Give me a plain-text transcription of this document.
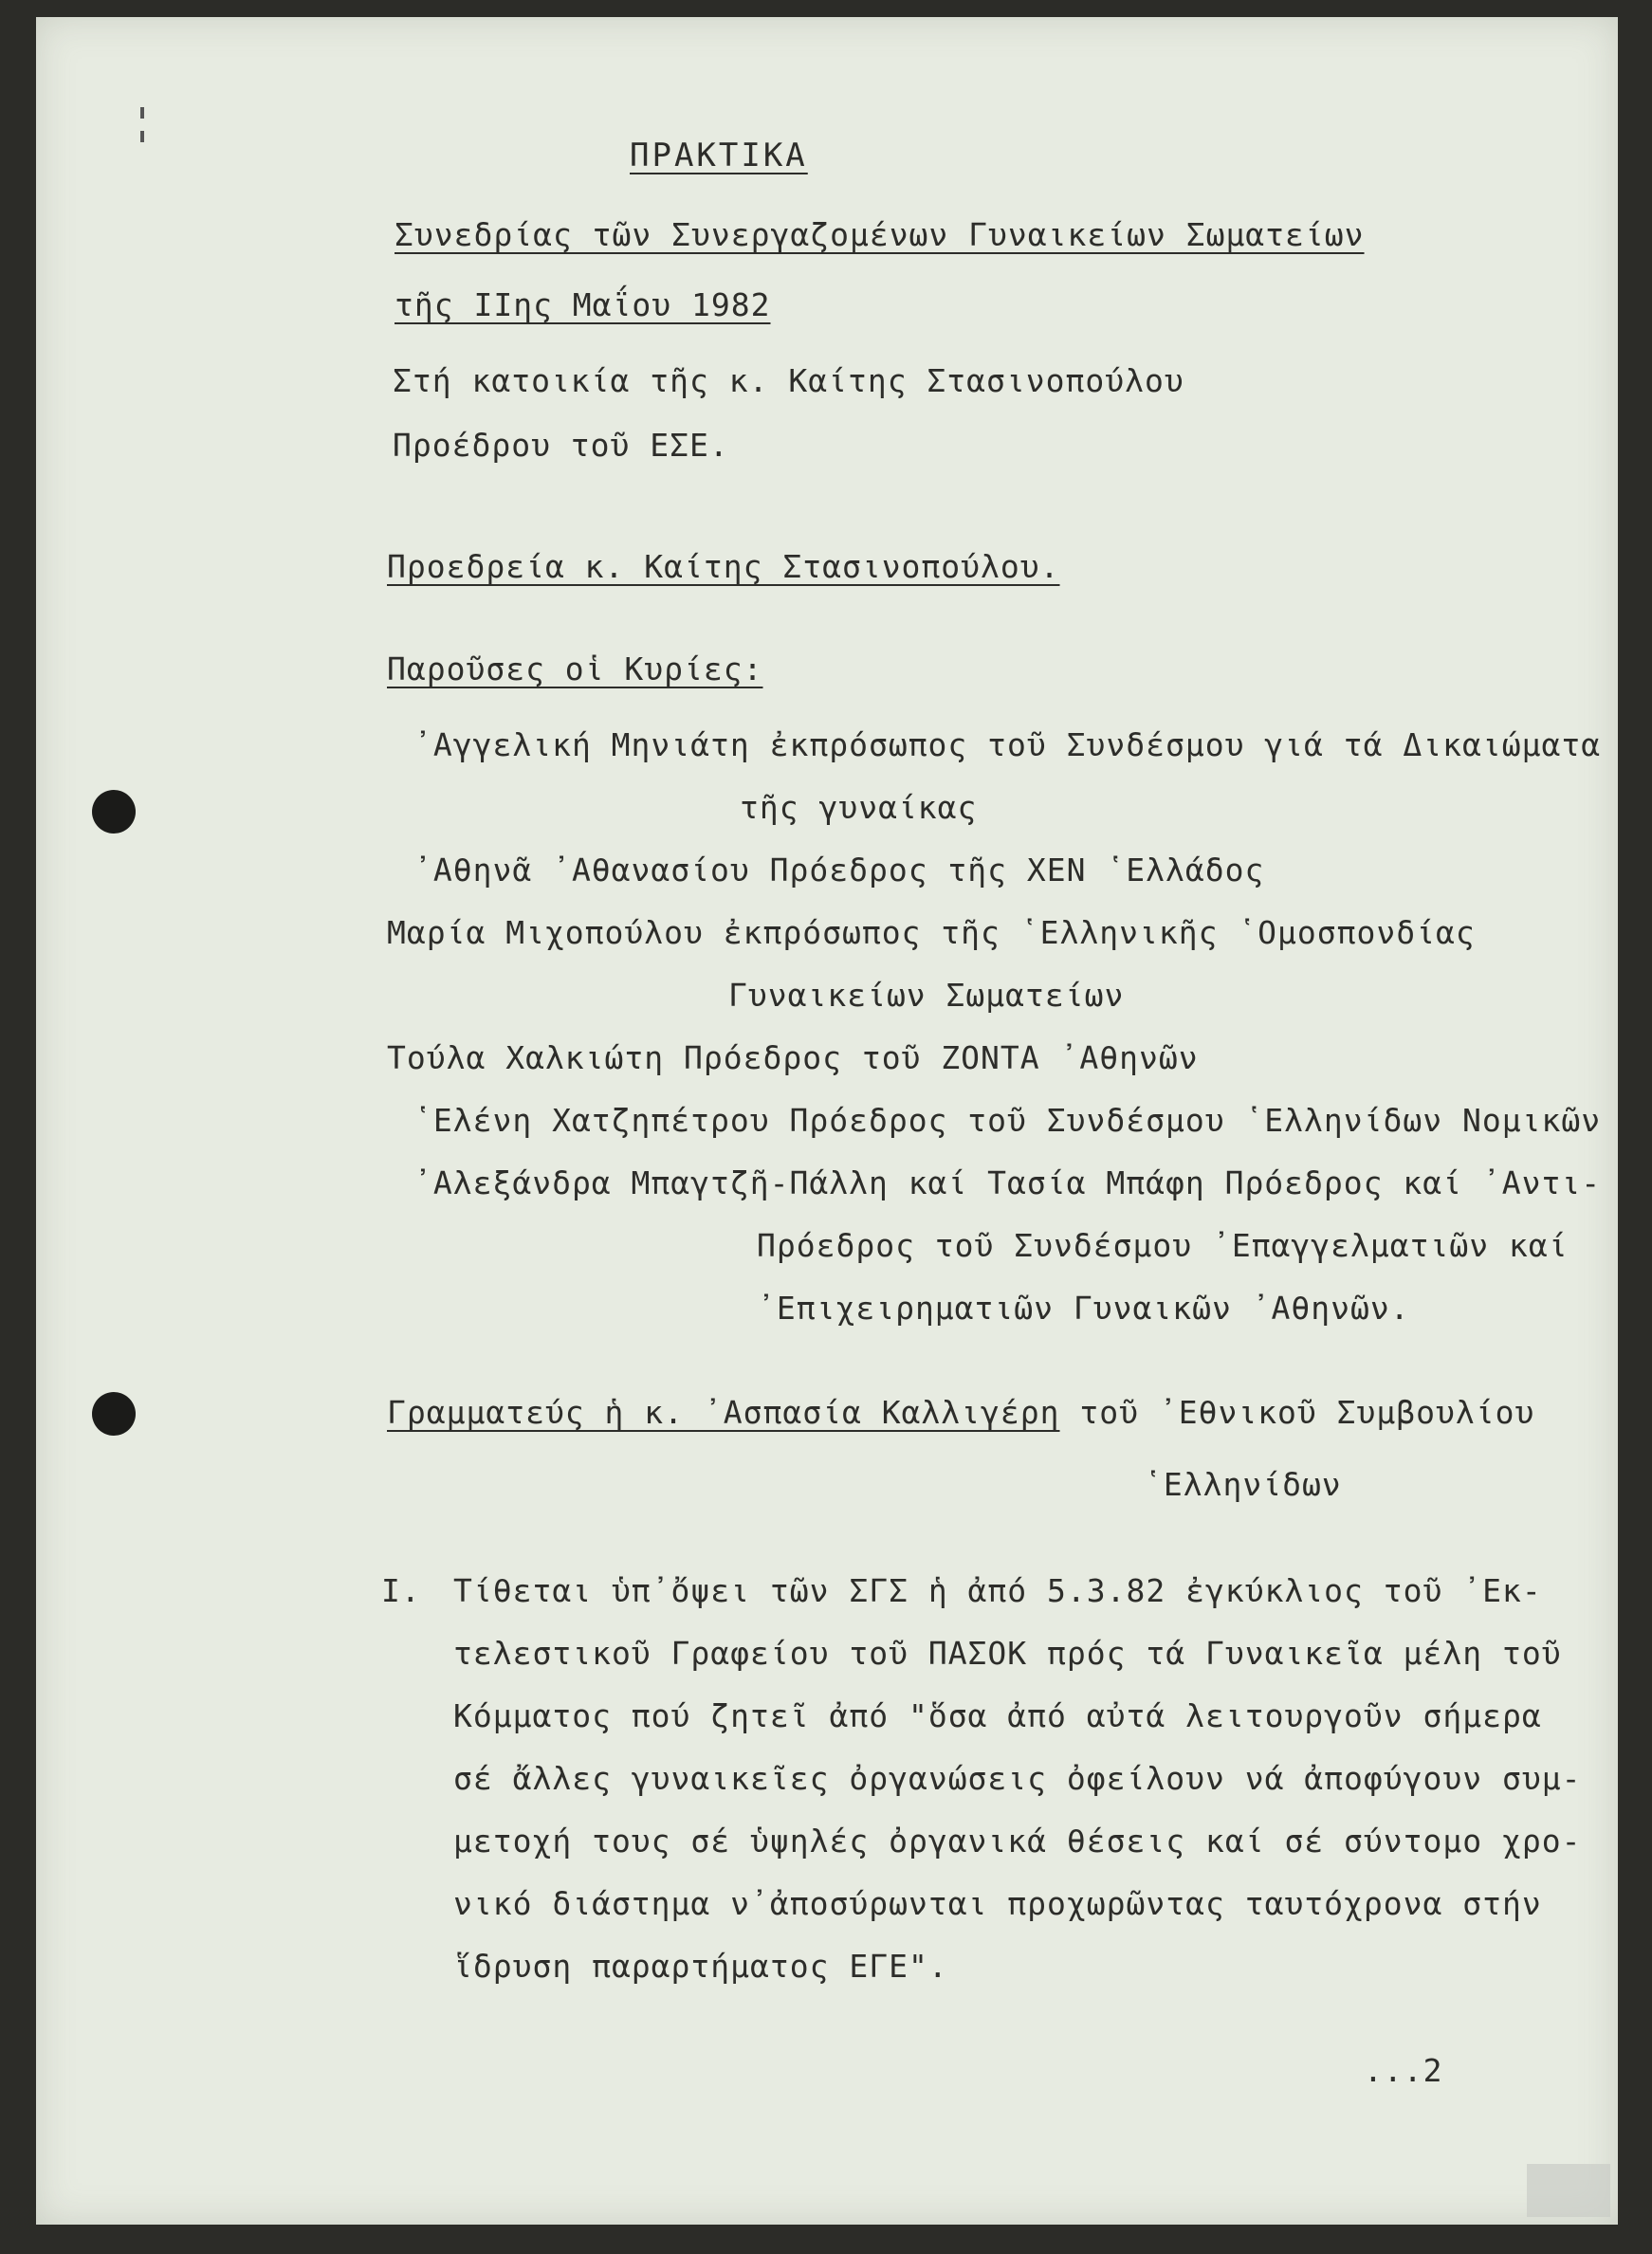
ΠΡΑΚΤΙΚΑ

Συνεδρίας τῶν Συνεργαζομένων Γυναικείων Σωματείων

τῆς IIης Μαΐου 1982

Στή κατοικία τῆς κ. Καίτης Στασινοπούλου

Προέδρου τοῦ ΕΣΕ.

Προεδρεία κ. Καίτης Στασινοπούλου.

Παροῦσες οἱ Κυρίες:

᾿Αγγελική Μηνιάτη ἐκπρόσωπος τοῦ Συνδέσμου γιά τά Δικαιώματα

τῆς γυναίκας

᾿Αθηνᾶ ᾿Αθανασίου Πρόεδρος τῆς ΧΕΝ ῾Ελλάδος

Μαρία Μιχοπούλου ἐκπρόσωπος τῆς ῾Ελληνικῆς ῾Ομοσπονδίας

Γυναικείων Σωματείων

Τούλα Χαλκιώτη Πρόεδρος τοῦ ΖΟΝΤΑ ᾿Αθηνῶν

῾Ελένη Χατζηπέτρου Πρόεδρος τοῦ Συνδέσμου ῾Ελληνίδων Νομικῶν

᾿Αλεξάνδρα Μπαγτζῆ-Πάλλη καί Τασία Μπάφη Πρόεδρος καί ᾿Αντι-

Πρόεδρος τοῦ Συνδέσμου ᾿Επαγγελματιῶν καί

᾿Επιχειρηματιῶν Γυναικῶν ᾿Αθηνῶν.

Γραμματεύς ἡ κ. ᾿Ασπασία Καλλιγέρη τοῦ ᾿Εθνικοῦ Συμβουλίου

῾Ελληνίδων

I. Τίθεται ὑπ᾿ὄψει τῶν ΣΓΣ ἡ ἀπό 5.3.82 ἐγκύκλιος τοῦ ᾿Εκ-

τελεστικοῦ Γραφείου τοῦ ΠΑΣΟΚ πρός τά Γυναικεῖα μέλη τοῦ

Κόμματος πού ζητεῖ ἀπό "ὅσα ἀπό αὐτά λειτουργοῦν σήμερα

σέ ἄλλες γυναικεῖες ὀργανώσεις ὀφείλουν νά ἀποφύγουν συμ-

μετοχή τους σέ ὑψηλές ὀργανικά θέσεις καί σέ σύντομο χρο-

νικό διάστημα ν᾿ἀποσύρωνται προχωρῶντας ταυτόχρονα στήν

ἵδρυση παραρτήματος ΕΓΕ".

...2
